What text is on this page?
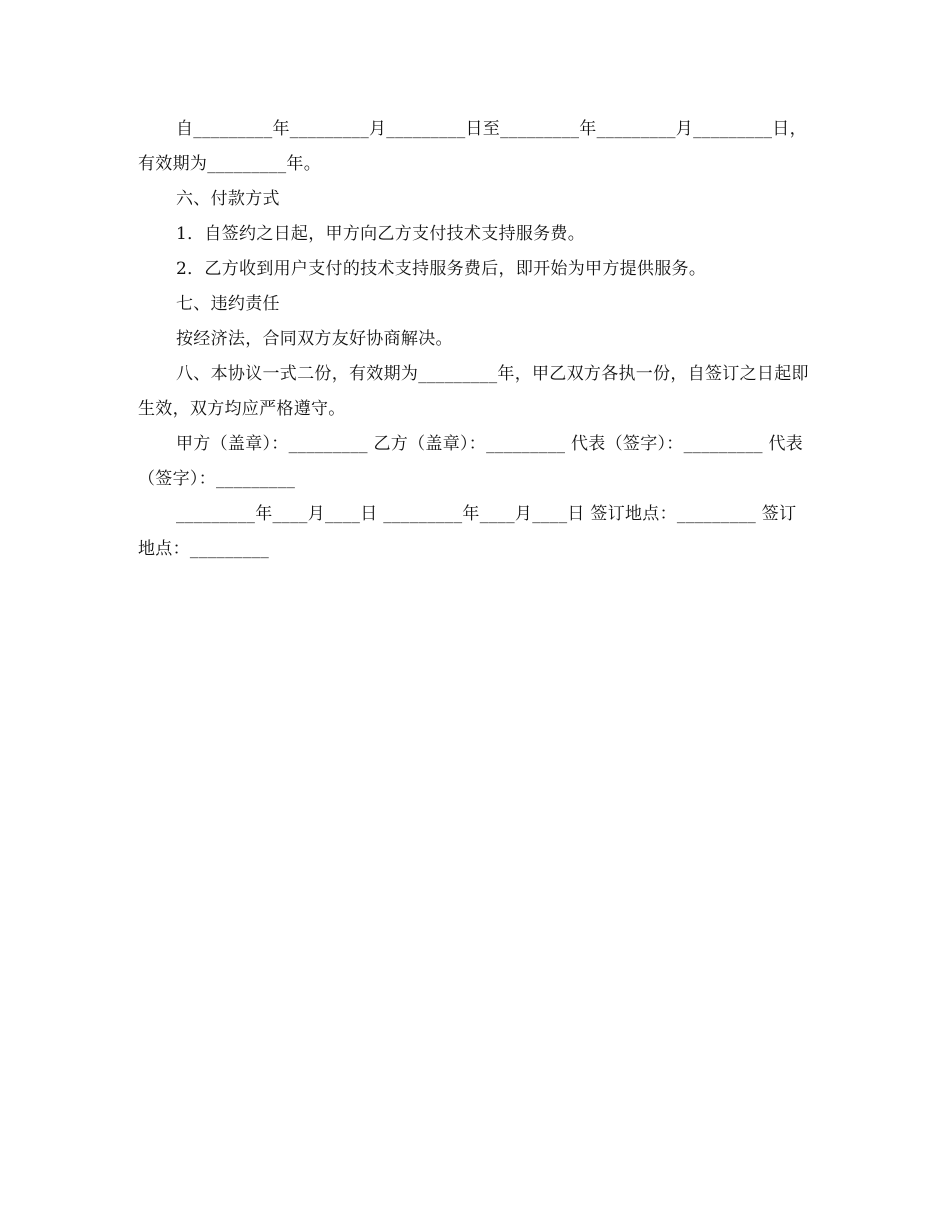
自_________年_________月_________日至_________年_________月_________日，有效期为_________年。

六、付款方式

1．自签约之日起，甲方向乙方支付技术支持服务费。

2．乙方收到用户支付的技术支持服务费后，即开始为甲方提供服务。

七、违约责任

按经济法，合同双方友好协商解决。

八、本协议一式二份，有效期为_________年，甲乙双方各执一份，自签订之日起即生效，双方均应严格遵守。

甲方（盖章）：_________ 乙方（盖章）：_________ 代表（签字）：_________ 代表（签字）：_________

_________年____月____日 _________年____月____日 签订地点：_________ 签订地点：_________
